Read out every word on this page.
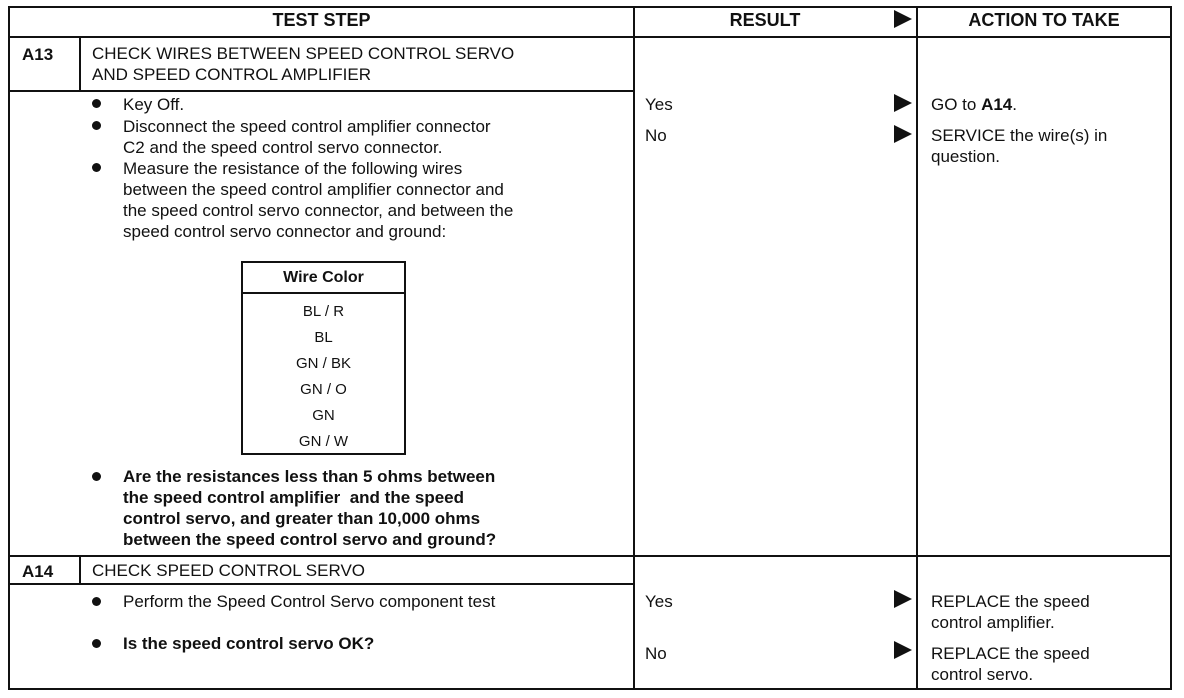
TEST STEP	RESULT	ACTION TO TAKE
A13 CHECK WIRES BETWEEN SPEED CONTROL SERVO
AND SPEED CONTROL AMPLIFIER
Key Off.
Disconnect the speed control amplifier connector
C2 and the speed control servo connector.
Measure the resistance of the following wires
between the speed control amplifier connector and
the speed control servo connector, and between the
speed control servo connector and ground:
Wire Color
BL / R
BL
GN / BK
GN / O
GN
GN / W
Are the resistances less than 5 ohms between
the speed control amplifier  and the speed
control servo, and greater than 10,000 ohms
between the speed control servo and ground?
Yes	GO to A14.
No	SERVICE the wire(s) in
question.
A14 CHECK SPEED CONTROL SERVO
Perform the Speed Control Servo component test
Is the speed control servo OK?
Yes	REPLACE the speed
control amplifier.
No	REPLACE the speed
control servo.
